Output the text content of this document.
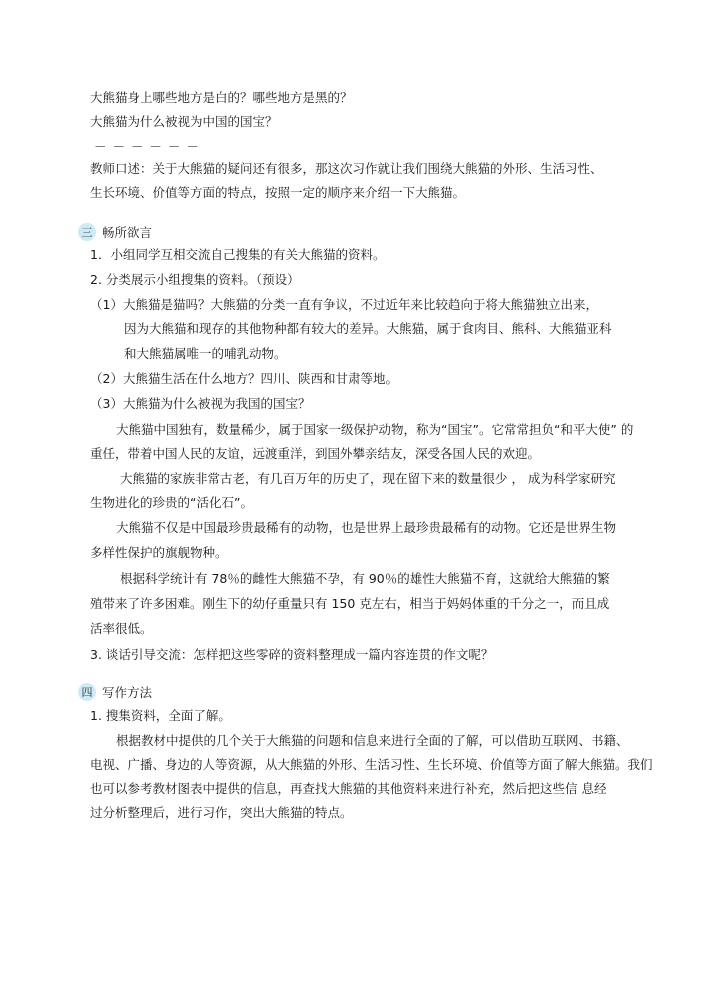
大熊猫身上哪些地方是白的？哪些地方是黑的？
大熊猫为什么被视为中国的国宝？
－ － － － － －
教师口述：关于大熊猫的疑问还有很多，那这次习作就让我们围绕大熊猫的外形、生活习性、
生长环境、价值等方面的特点，按照一定的顺序来介绍一下大熊猫。
三 畅所欲言
1．小组同学互相交流自己搜集的有关大熊猫的资料。
2. 分类展示小组搜集的资料。（预设）
（1）大熊猫是猫吗？大熊猫的分类一直有争议，不过近年来比较趋向于将大熊猫独立出来，
因为大熊猫和现存的其他物种都有较大的差异。大熊猫，属于食肉目、熊科、大熊猫亚科
和大熊猫属唯一的哺乳动物。
（2）大熊猫生活在什么地方？四川、陕西和甘肃等地。
（3）大熊猫为什么被视为我国的国宝？
大熊猫中国独有，数量稀少，属于国家一级保护动物，称为“国宝”。它常常担负“和平大使” 的
重任，带着中国人民的友谊，远渡重洋，到国外攀亲结友，深受各国人民的欢迎。
大熊猫的家族非常古老，有几百万年的历史了，现在留下来的数量很少 ， 成为科学家研究
生物进化的珍贵的“活化石”。
大熊猫不仅是中国最珍贵最稀有的动物，也是世界上最珍贵最稀有的动物。它还是世界生物
多样性保护的旗舰物种。
根据科学统计有 78％的雌性大熊猫不孕，有 90％的雄性大熊猫不育，这就给大熊猫的繁
殖带来了许多困难。刚生下的幼仔重量只有 150 克左右，相当于妈妈体重的千分之一，而且成
活率很低。
3. 谈话引导交流：怎样把这些零碎的资料整理成一篇内容连贯的作文呢？
四 写作方法
1. 搜集资料，全面了解。
根据教材中提供的几个关于大熊猫的问题和信息来进行全面的了解，可以借助互联网、书籍、
电视、广播、身边的人等资源，从大熊猫的外形、生活习性、生长环境、价值等方面了解大熊猫。我们
也可以参考教材图表中提供的信息，再查找大熊猫的其他资料来进行补充，然后把这些信 息经
过分析整理后，进行习作，突出大熊猫的特点。
